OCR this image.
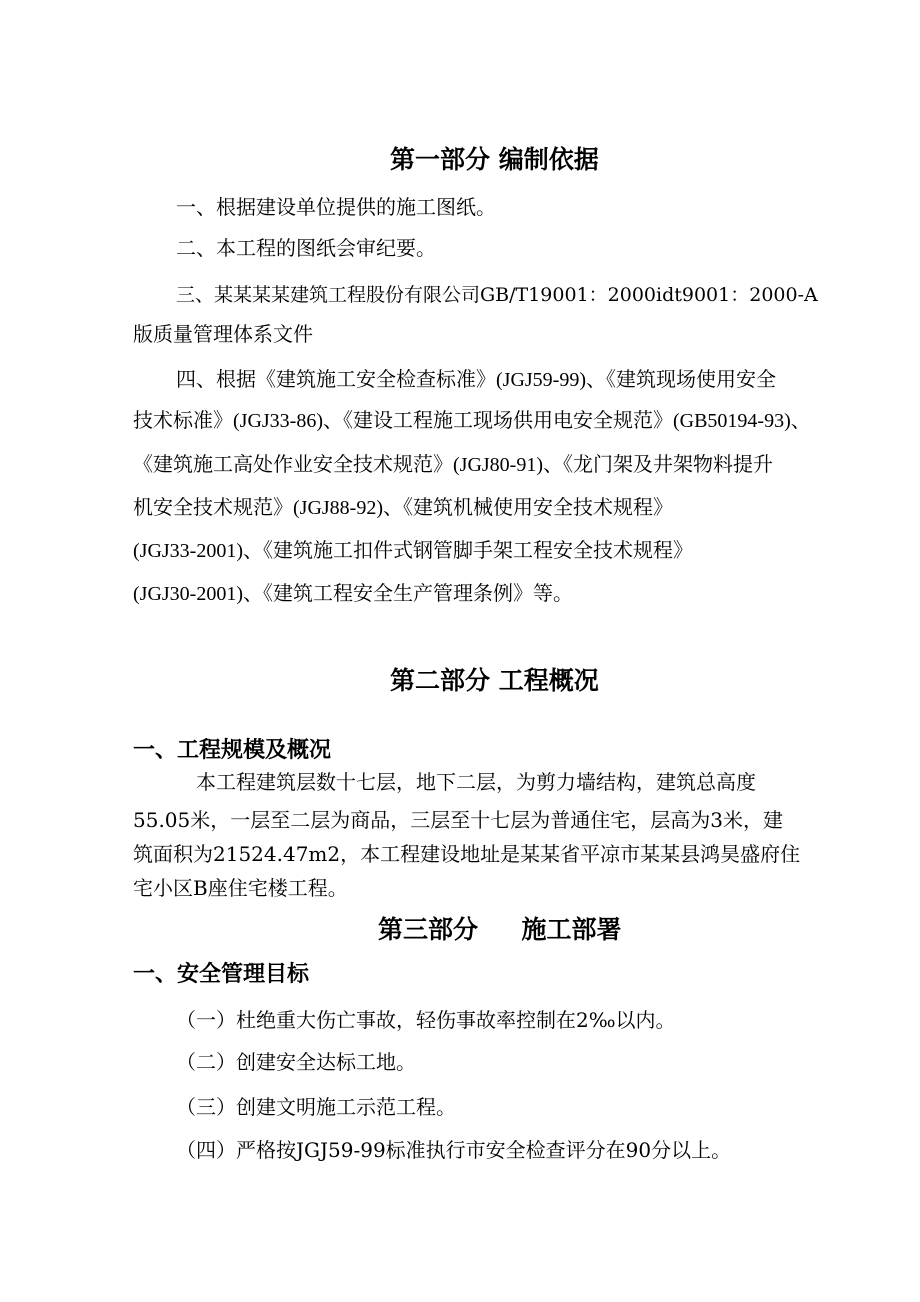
第一部分 编制依据
一、根据建设单位提供的施工图纸。
二、本工程的图纸会审纪要。
三、某某某某建筑工程股份有限公司GB/T19001：2000idt9001：2000-A
版质量管理体系文件
四、根据《建筑施工安全检查标准》(JGJ59-99)、《建筑现场使用安全
技术标准》(JGJ33-86)、《建设工程施工现场供用电安全规范》(GB50194-93)、
《建筑施工高处作业安全技术规范》(JGJ80-91)、《龙门架及井架物料提升
机安全技术规范》(JGJ88-92)、《建筑机械使用安全技术规程》
(JGJ33-2001)、《建筑施工扣件式钢管脚手架工程安全技术规程》
(JGJ30-2001)、《建筑工程安全生产管理条例》等。
第二部分 工程概况
一、工程规模及概况
本工程建筑层数十七层，地下二层，为剪力墙结构，建筑总高度
55.05米，一层至二层为商品，三层至十七层为普通住宅，层高为3米，建
筑面积为21524.47m2，本工程建设地址是某某省平凉市某某县鸿昊盛府住
宅小区B座住宅楼工程。
第三部分     施工部署
一、安全管理目标
（一）杜绝重大伤亡事故，轻伤事故率控制在2‰以内。
（二）创建安全达标工地。
（三）创建文明施工示范工程。
（四）严格按JGJ59-99标准执行市安全检查评分在90分以上。
